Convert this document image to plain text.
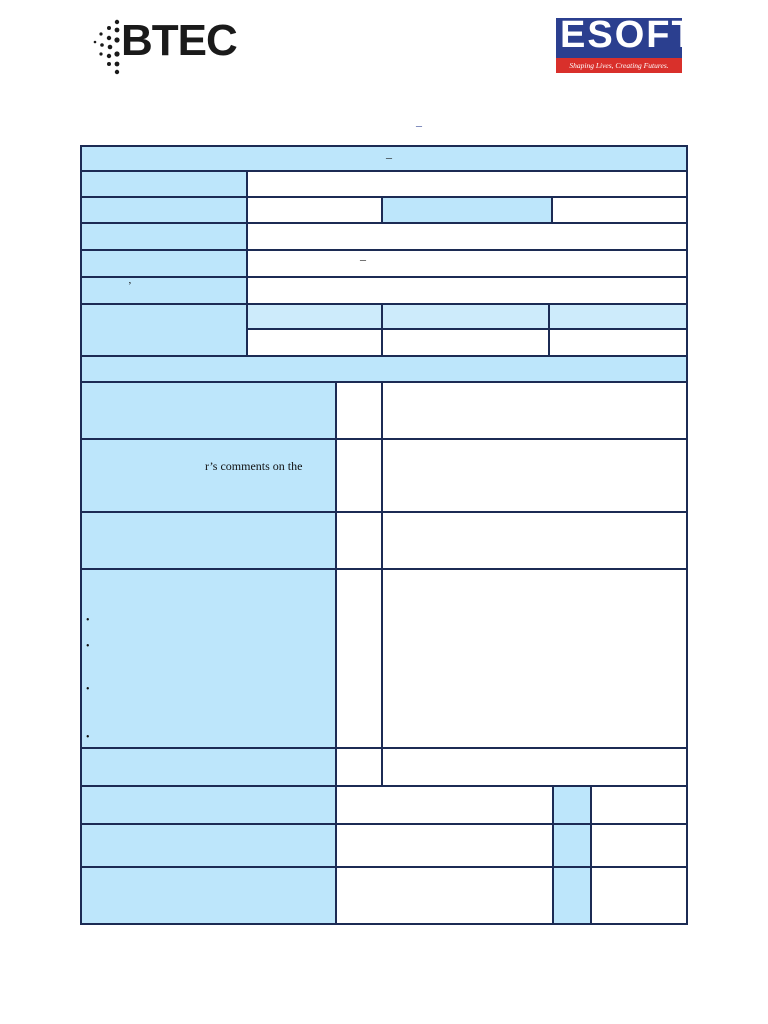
BTEC	ESOFT
Shaping Lives, Creating Futures.
–
–
’
r’s comments on the
•
•
•
•
–
